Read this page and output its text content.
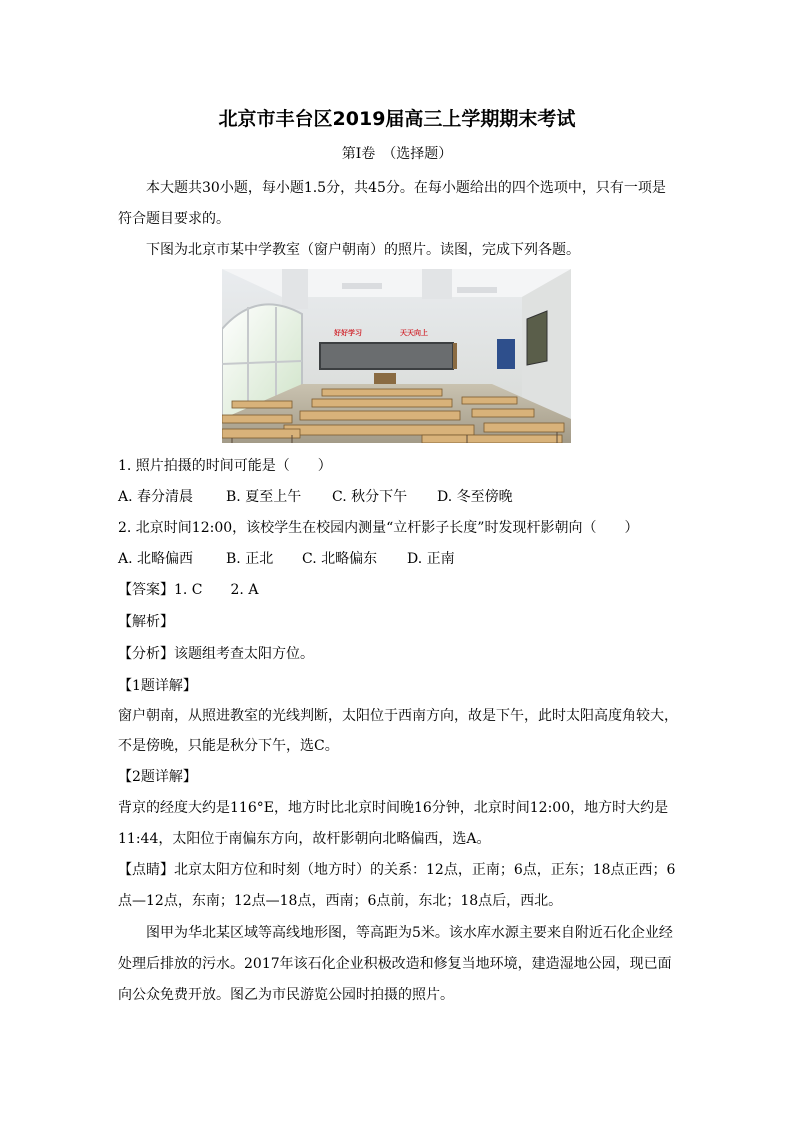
北京市丰台区2019届高三上学期期末考试
第Ⅰ卷　（选择题）
本大题共30小题，每小题1.5分，共45分。在每小题给出的四个选项中，只有一项是
符合题目要求的。
下图为北京市某中学教室（窗户朝南）的照片。读图，完成下列各题。
好好学习	天天向上
1. 照片拍摄的时间可能是（　　）
A. 春分清晨 B. 夏至上午 C. 秋分下午 D. 冬至傍晚
2. 北京时间12:00，该校学生在校园内测量“立杆影子长度”时发现杆影朝向（　　）
A. 北略偏西 B. 正北 C. 北略偏东 D. 正南
【答案】1. C　　2. A
【解析】
【分析】该题组考查太阳方位。
【1题详解】
窗户朝南，从照进教室的光线判断，太阳位于西南方向，故是下午，此时太阳高度角较大，
不是傍晚，只能是秋分下午，选C。
【2题详解】
背京的经度大约是116°E，地方时比北京时间晚16分钟，北京时间12:00，地方时大约是
11:44，太阳位于南偏东方向，故杆影朝向北略偏西，选A。
【点睛】北京太阳方位和时刻（地方时）的关系：12点，正南；6点，正东；18点正西；6
点—12点，东南；12点—18点，西南；6点前，东北；18点后，西北。
图甲为华北某区域等高线地形图，等高距为5米。该水库水源主要来自附近石化企业经
处理后排放的污水。2017年该石化企业积极改造和修复当地环境，建造湿地公园，现已面
向公众免费开放。图乙为市民游览公园时拍摄的照片。
